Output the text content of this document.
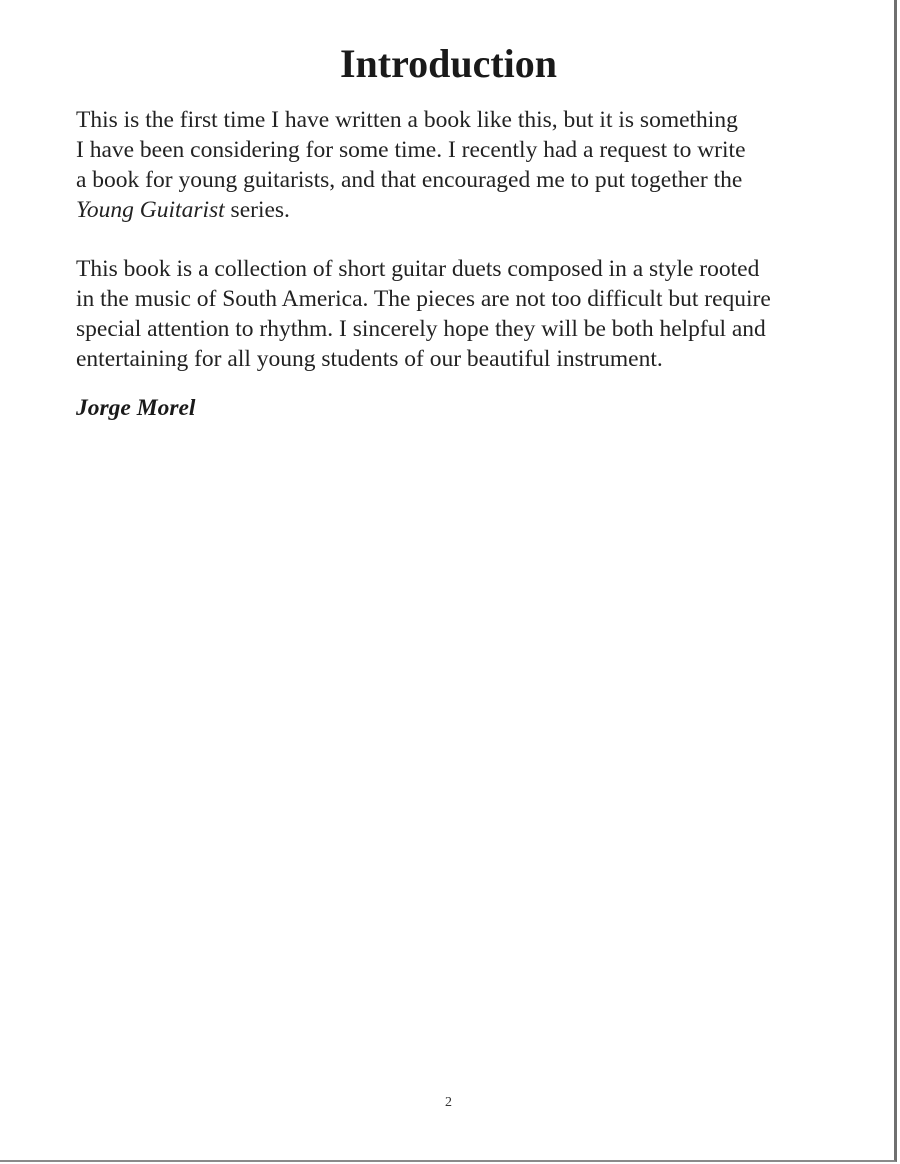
Introduction

This is the first time I have written a book like this, but it is something
I have been considering for some time. I recently had a request to write
a book for young guitarists, and that encouraged me to put together the
Young Guitarist series.

This book is a collection of short guitar duets composed in a style rooted
in the music of South America. The pieces are not too difficult but require
special attention to rhythm. I sincerely hope they will be both helpful and
entertaining for all young students of our beautiful instrument.

Jorge Morel

2
